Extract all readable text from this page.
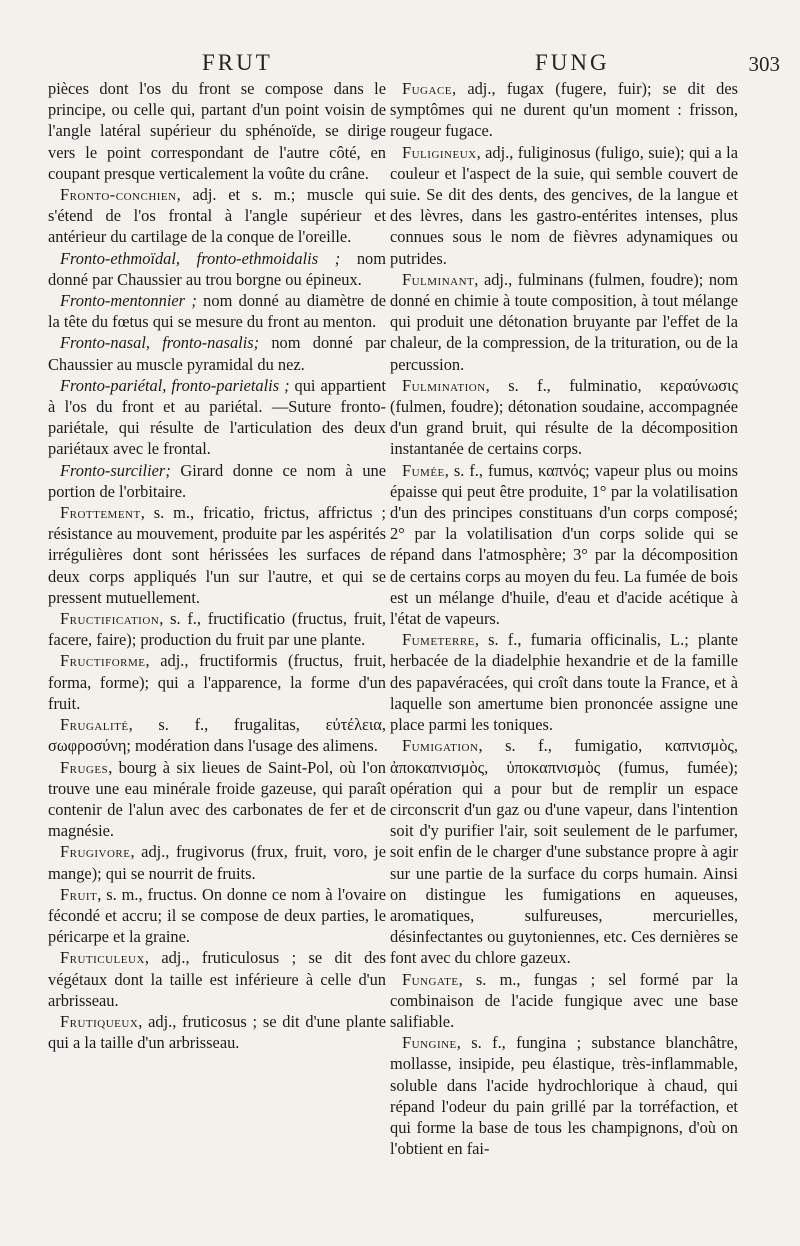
FRUT	FUNG	303

pièces dont l'os du front se compose dans le principe, ou celle qui, partant d'un point voisin de l'angle latéral supérieur du sphénoïde, se dirige vers le point correspondant de l'autre côté, en coupant presque verticalement la voûte du crâne.

Fronto-conchien, adj. et s. m.; muscle qui s'étend de l'os frontal à l'angle supérieur et antérieur du cartilage de la conque de l'oreille.

Fronto-ethmoïdal, fronto-ethmoidalis ; nom donné par Chaussier au trou borgne ou épineux.

Fronto-mentonnier ; nom donné au diamètre de la tête du fœtus qui se mesure du front au menton.

Fronto-nasal, fronto-nasalis; nom donné par Chaussier au muscle pyramidal du nez.

Fronto-pariétal, fronto-parietalis ; qui appartient à l'os du front et au pariétal. —Suture fronto-pariétale, qui résulte de l'articulation des deux pariétaux avec le frontal.

Fronto-surcilier; Girard donne ce nom à une portion de l'orbitaire.

Frottement, s. m., fricatio, frictus, affrictus ; résistance au mouvement, produite par les aspérités irrégulières dont sont hérissées les surfaces de deux corps appliqués l'un sur l'autre, et qui se pressent mutuellement.

Fructification, s. f., fructificatio (fructus, fruit, facere, faire); production du fruit par une plante.

Fructiforme, adj., fructiformis (fructus, fruit, forma, forme); qui a l'apparence, la forme d'un fruit.

Frugalité, s. f., frugalitas, εὐτέλεια, σωφροσύνη; modération dans l'usage des alimens.

Fruges, bourg à six lieues de Saint-Pol, où l'on trouve une eau minérale froide gazeuse, qui paraît contenir de l'alun avec des carbonates de fer et de magnésie.

Frugivore, adj., frugivorus (frux, fruit, voro, je mange); qui se nourrit de fruits.

Fruit, s. m., fructus. On donne ce nom à l'ovaire fécondé et accru; il se compose de deux parties, le péricarpe et la graine.

Fruticuleux, adj., fruticulosus ; se dit des végétaux dont la taille est inférieure à celle d'un arbrisseau.

Frutiqueux, adj., fruticosus ; se dit d'une plante qui a la taille d'un arbrisseau.

Fugace, adj., fugax (fugere, fuir); se dit des symptômes qui ne durent qu'un moment : frisson, rougeur fugace.

Fuligineux, adj., fuliginosus (fuligo, suie); qui a la couleur et l'aspect de la suie, qui semble couvert de suie. Se dit des dents, des gencives, de la langue et des lèvres, dans les gastro-entérites intenses, plus connues sous le nom de fièvres adynamiques ou putrides.

Fulminant, adj., fulminans (fulmen, foudre); nom donné en chimie à toute composition, à tout mélange qui produit une détonation bruyante par l'effet de la chaleur, de la compression, de la trituration, ou de la percussion.

Fulmination, s. f., fulminatio, κεραύνωσις (fulmen, foudre); détonation soudaine, accompagnée d'un grand bruit, qui résulte de la décomposition instantanée de certains corps.

Fumée, s. f., fumus, καπνός; vapeur plus ou moins épaisse qui peut être produite, 1° par la volatilisation d'un des principes constituans d'un corps composé; 2° par la volatilisation d'un corps solide qui se répand dans l'atmosphère; 3° par la décomposition de certains corps au moyen du feu. La fumée de bois est un mélange d'huile, d'eau et d'acide acétique à l'état de vapeurs.

Fumeterre, s. f., fumaria officinalis, L.; plante herbacée de la diadelphie hexandrie et de la famille des papavéracées, qui croît dans toute la France, et à laquelle son amertume bien prononcée assigne une place parmi les toniques.

Fumigation, s. f., fumigatio, καπνισμὸς, ἀποκαπνισμὸς, ὑποκαπνισμὸς (fumus, fumée); opération qui a pour but de remplir un espace circonscrit d'un gaz ou d'une vapeur, dans l'intention soit d'y purifier l'air, soit seulement de le parfumer, soit enfin de le charger d'une substance propre à agir sur une partie de la surface du corps humain. Ainsi on distingue les fumigations en aqueuses, aromatiques, sulfureuses, mercurielles, désinfectantes ou guytoniennes, etc. Ces dernières se font avec du chlore gazeux.

Fungate, s. m., fungas ; sel formé par la combinaison de l'acide fungique avec une base salifiable.

Fungine, s. f., fungina ; substance blanchâtre, mollasse, insipide, peu élastique, très-inflammable, soluble dans l'acide hydrochlorique à chaud, qui répand l'odeur du pain grillé par la torréfaction, et qui forme la base de tous les champignons, d'où on l'obtient en fai-
